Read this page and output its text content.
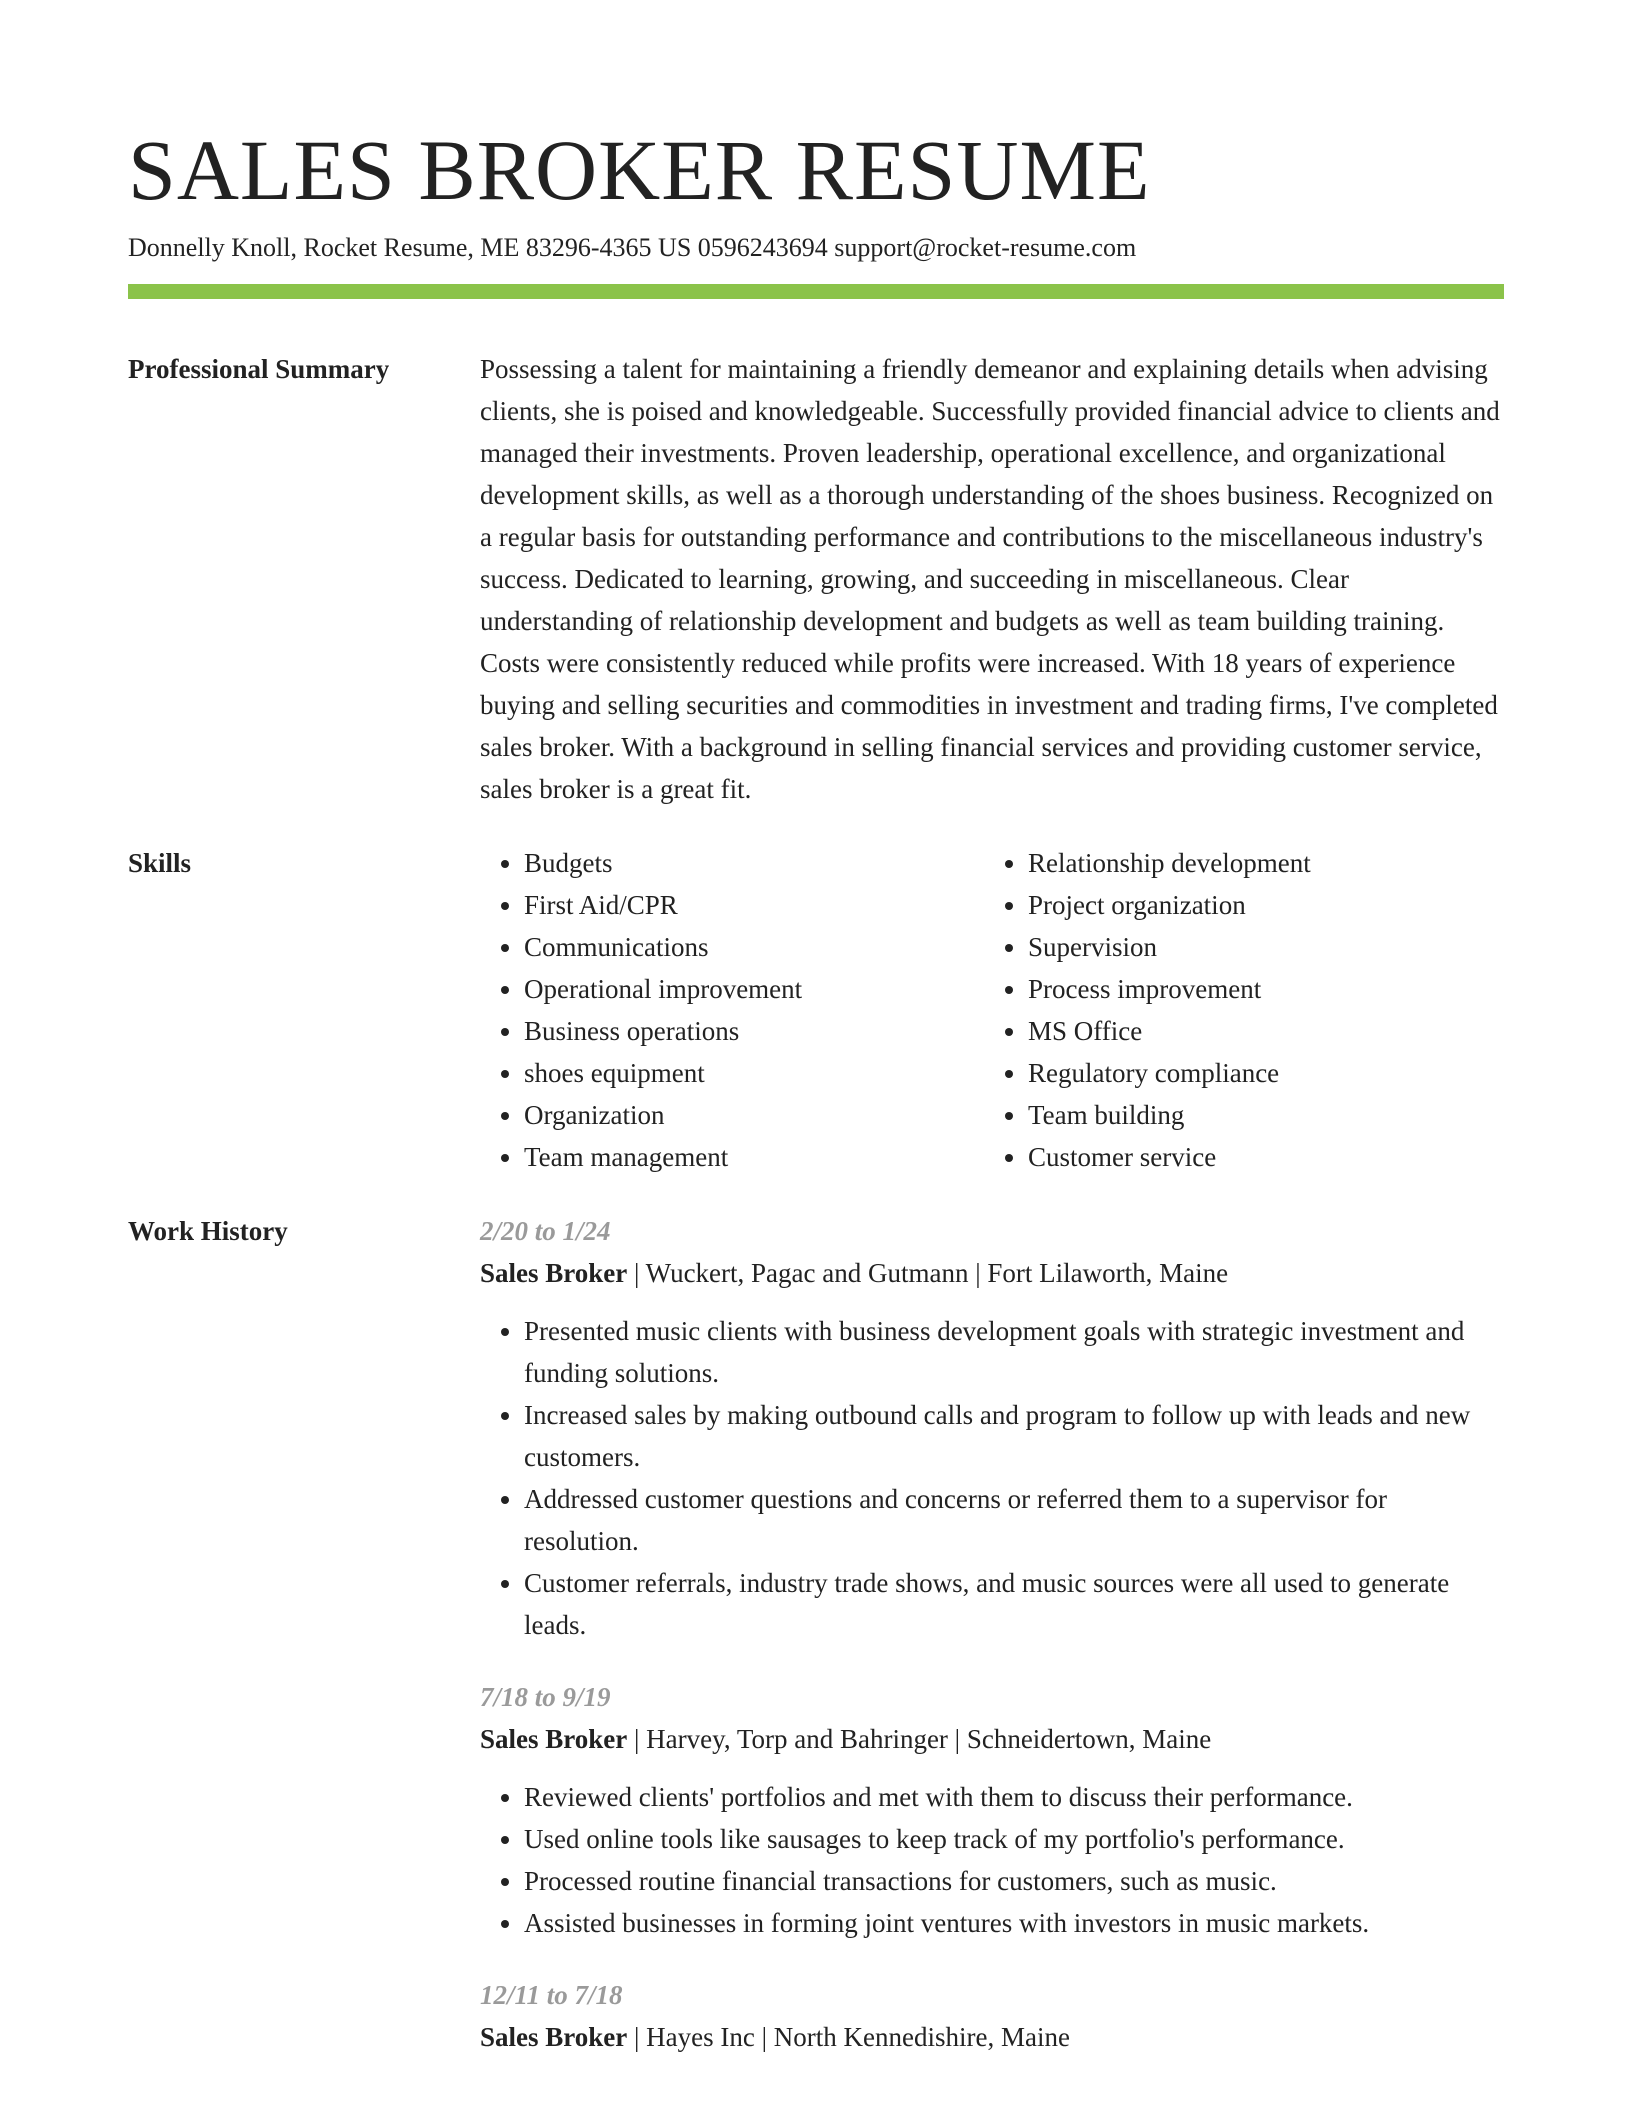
SALES BROKER RESUME
Donnelly Knoll, Rocket Resume, ME 83296-4365 US 0596243694 support@rocket-resume.com
Professional Summary	Possessing a talent for maintaining a friendly demeanor and explaining details when advising clients, she is poised and knowledgeable. Successfully provided financial advice to clients and managed their investments. Proven leadership, operational excellence, and organizational development skills, as well as a thorough understanding of the shoes business. Recognized on a regular basis for outstanding performance and contributions to the miscellaneous industry's success. Dedicated to learning, growing, and succeeding in miscellaneous. Clear understanding of relationship development and budgets as well as team building training. Costs were consistently reduced while profits were increased. With 18 years of experience buying and selling securities and commodities in investment and trading firms, I've completed sales broker. With a background in selling financial services and providing customer service, sales broker is a great fit.

Skills
•	Budgets
• First Aid/CPR
• Communications
• Operational improvement
• Business operations
• shoes equipment
• Organization
• Team management
• Relationship development
• Project organization
• Supervision
• Process improvement
• MS Office
• Regulatory compliance
• Team building
• Customer service
Work History	2/20 to 1/24
Sales Broker | Wuckert, Pagac and Gutmann | Fort Lilaworth, Maine
• Presented music clients with business development goals with strategic investment and funding solutions.
• Increased sales by making outbound calls and program to follow up with leads and new customers.
• Addressed customer questions and concerns or referred them to a supervisor for resolution.
• Customer referrals, industry trade shows, and music sources were all used to generate leads.
7/18 to 9/19
Sales Broker | Harvey, Torp and Bahringer | Schneidertown, Maine
• Reviewed clients' portfolios and met with them to discuss their performance.
• Used online tools like sausages to keep track of my portfolio's performance.
• Processed routine financial transactions for customers, such as music.
• Assisted businesses in forming joint ventures with investors in music markets.
12/11 to 7/18
Sales Broker | Hayes Inc | North Kennedishire, Maine
